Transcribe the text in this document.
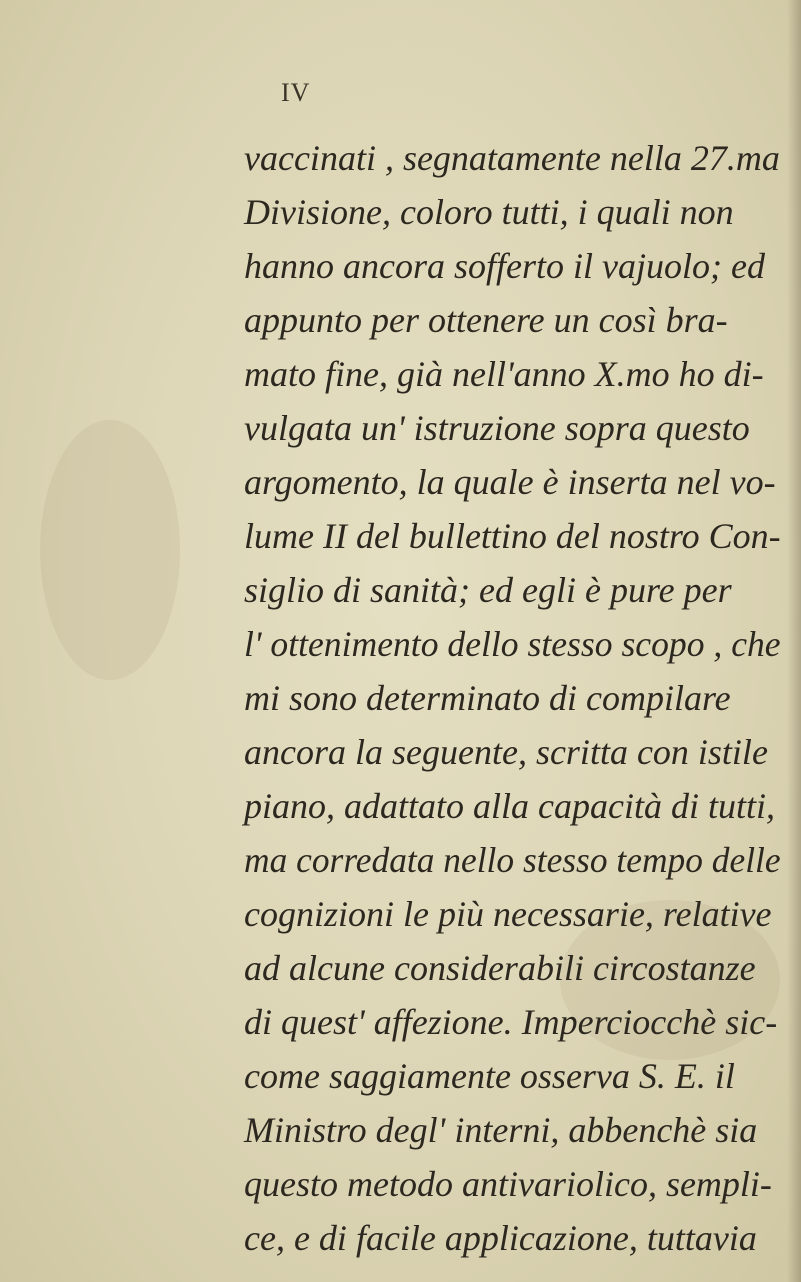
IV
vaccinati , segnatamente nella 27.ma
Divisione, coloro tutti, i quali non
hanno ancora sofferto il vajuolo; ed
appunto per ottenere un così bra-
mato fine, già nell'anno X.mo ho di-
vulgata un' istruzione sopra questo
argomento, la quale è inserta nel vo-
lume II del bullettino del nostro Con-
siglio di sanità; ed egli è pure per
l' ottenimento dello stesso scopo , che
mi sono determinato di compilare
ancora la seguente, scritta con istile
piano, adattato alla capacità di tutti,
ma corredata nello stesso tempo delle
cognizioni le più necessarie, relative
ad alcune considerabili circostanze
di quest' affezione. Imperciocchè sic-
come saggiamente osserva S. E. il
Ministro degl' interni, abbenchè sia
questo metodo antivariolico, sempli-
ce, e di facile applicazione, tuttavia
